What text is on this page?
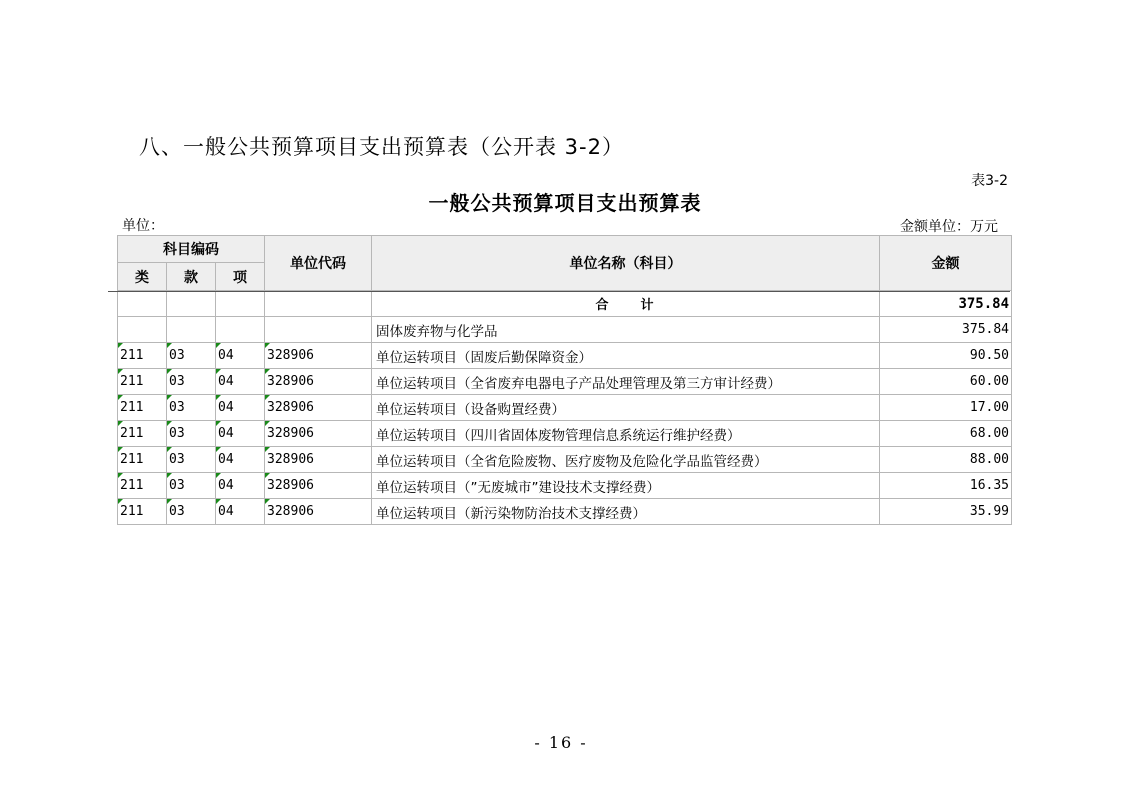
八、一般公共预算项目支出预算表（公开表 3-2）
表3-2
一般公共预算项目支出预算表
单位：	金额单位：万元
科目编码			单位代码	单位名称（科目）	金额
类	款	项			
				合　　计	375.84
				固体废弃物与化学品	375.84
211	03	04	328906	单位运转项目（固废后勤保障资金）	90.50
211	03	04	328906	单位运转项目（全省废弃电器电子产品处理管理及第三方审计经费）	60.00
211	03	04	328906	单位运转项目（设备购置经费）	17.00
211	03	04	328906	单位运转项目（四川省固体废物管理信息系统运行维护经费）	68.00
211	03	04	328906	单位运转项目（全省危险废物、医疗废物及危险化学品监管经费）	88.00
211	03	04	328906	单位运转项目（”无废城市”建设技术支撑经费）	16.35
211	03	04	328906	单位运转项目（新污染物防治技术支撑经费）	35.99
- 16 -
